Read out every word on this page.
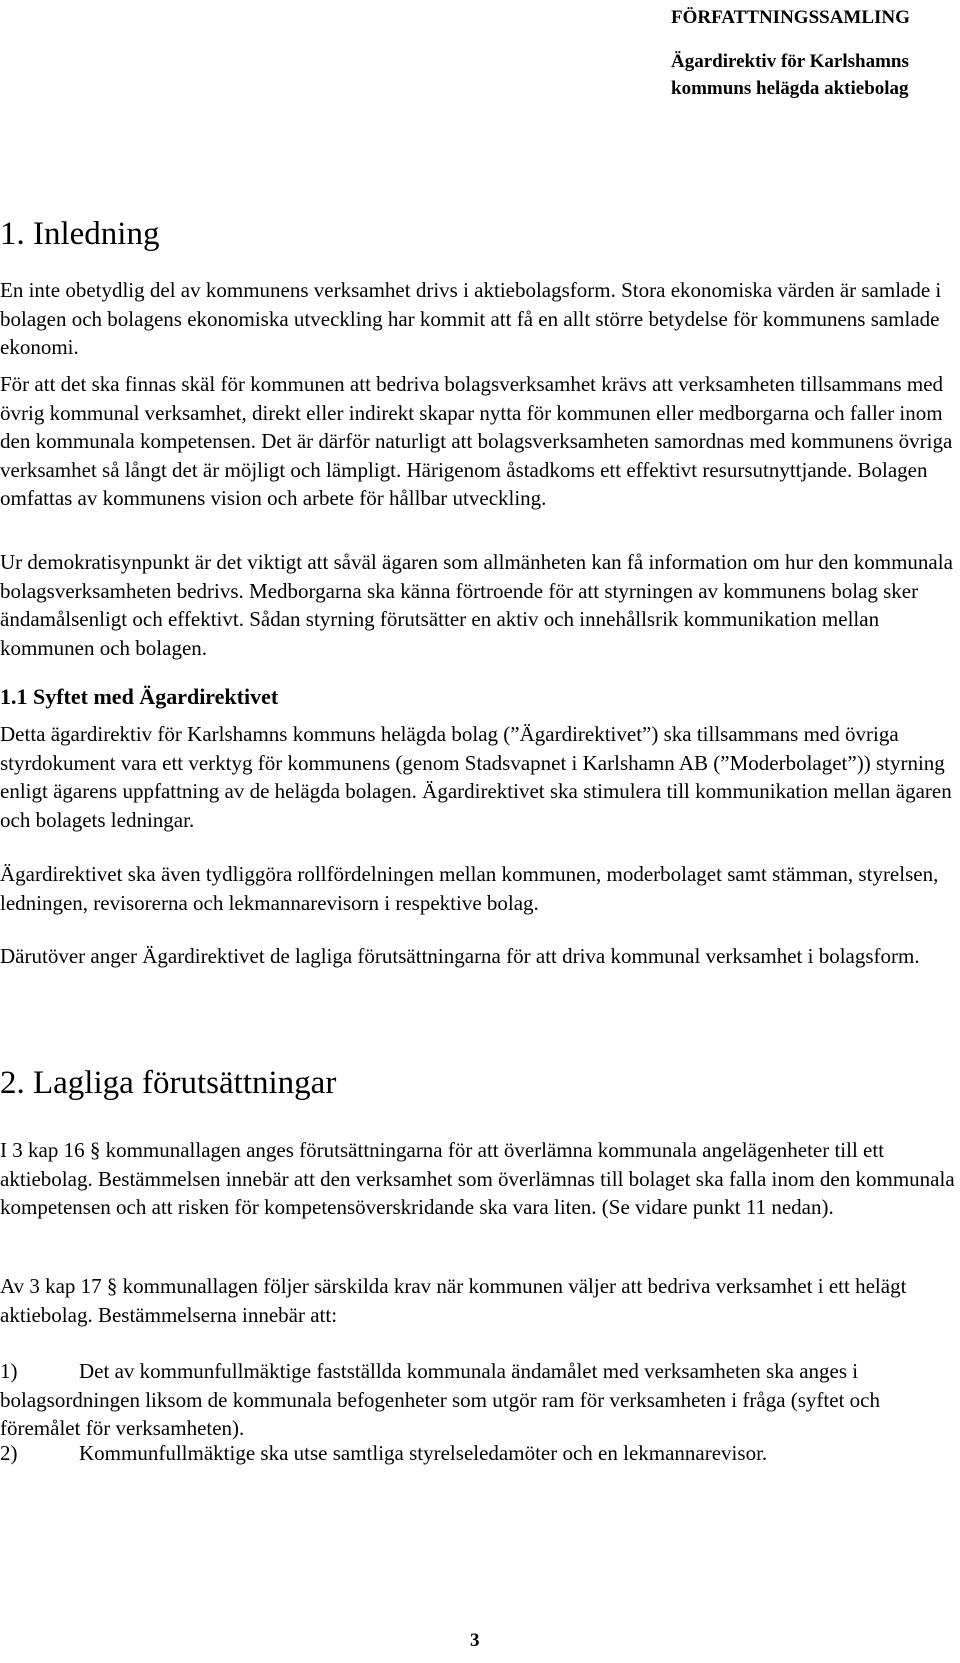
FÖRFATTNINGSSAMLING
Ägardirektiv för Karlshamns kommuns helägda aktiebolag
1. Inledning

En inte obetydlig del av kommunens verksamhet drivs i aktiebolagsform. Stora ekonomiska värden är samlade i bolagen och bolagens ekonomiska utveckling har kommit att få en allt större betydelse för kommunens samlade ekonomi.

För att det ska finnas skäl för kommunen att bedriva bolagsverksamhet krävs att verksamheten tillsammans med övrig kommunal verksamhet, direkt eller indirekt skapar nytta för kommunen eller medborgarna och faller inom den kommunala kompetensen. Det är därför naturligt att bolagsverksamheten samordnas med kommunens övriga verksamhet så långt det är möjligt och lämpligt. Härigenom åstadkoms ett effektivt resursutnyttjande. Bolagen omfattas av kommunens vision och arbete för hållbar utveckling.

Ur demokratisynpunkt är det viktigt att såväl ägaren som allmänheten kan få information om hur den kommunala bolagsverksamheten bedrivs. Medborgarna ska känna förtroende för att styrningen av kommunens bolag sker ändamålsenligt och effektivt. Sådan styrning förutsätter en aktiv och innehållsrik kommunikation mellan kommunen och bolagen.

1.1 Syftet med Ägardirektivet

Detta ägardirektiv för Karlshamns kommuns helägda bolag (”Ägardirektivet”) ska tillsammans med övriga styrdokument vara ett verktyg för kommunens (genom Stadsvapnet i Karlshamn AB (”Moderbolaget”)) styrning enligt ägarens uppfattning av de helägda bolagen. Ägardirektivet ska stimulera till kommunikation mellan ägaren och bolagets ledningar.

Ägardirektivet ska även tydliggöra rollfördelningen mellan kommunen, moderbolaget samt stämman, styrelsen, ledningen, revisorerna och lekmannarevisorn i respektive bolag.

Därutöver anger Ägardirektivet de lagliga förutsättningarna för att driva kommunal verksamhet i bolagsform.

2. Lagliga förutsättningar

I 3 kap 16 § kommunallagen anges förutsättningarna för att överlämna kommunala angelägenheter till ett aktiebolag. Bestämmelsen innebär att den verksamhet som överlämnas till bolaget ska falla inom den kommunala kompetensen och att risken för kompetensöverskridande ska vara liten. (Se vidare punkt 11 nedan).

Av 3 kap 17 § kommunallagen följer särskilda krav när kommunen väljer att bedriva verksamhet i ett helägt aktiebolag. Bestämmelserna innebär att:

1)	Det av kommunfullmäktige fastställda kommunala ändamålet med verksamheten ska anges i bolagsordningen liksom de kommunala befogenheter som utgör ram för verksamheten i fråga (syftet och föremålet för verksamheten).
2)	Kommunfullmäktige ska utse samtliga styrelseledamöter och en lekmannarevisor.
3
